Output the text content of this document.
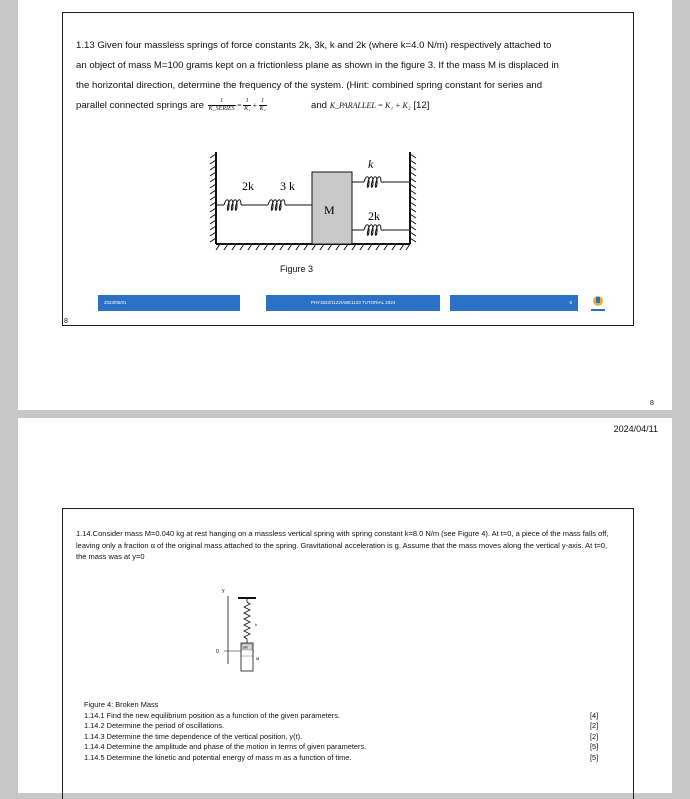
1.13 Given four massless springs of force constants 2k, 3k, k and 2k (where k=4.0 N/m) respectively attached to

an object of mass M=100 grams kept on a frictionless plane as shown in the figure 3. If the mass M is displaced in

the horizontal direction, determine the frequency of the system. (Hint: combined spring constant for series and

parallel connected springs are $\frac{1}{\text{K\_SERIES}} = \frac{1}{\text{K₁}} + \frac{1}{\text{K₂}}$	and K_PARALLEL = K₁ + K₂ [12]

2k 3 k
M
k
2k
Figure 3
2023/05/01	PHY1522/1122/ABE1133 TUTORIAL 2024	8
8
8
2024/04/11
1.14.Consider mass M=0.040 kg at rest hanging on a massless vertical spring with spring constant k=8.0 N/m (see Figure 4). At t=0, a piece of the mass falls off, leaving only a fraction α of the original mass attached to the spring. Gravitational acceleration is g. Assume that the mass moves along the vertical y-axis. At t=0, the mass was at y=0
y
0
k
αM
M
Figure 4: Broken Mass
1.14.1 Find the new equilibrium position as a function of the given parameters.	[4]
1.14.2 Determine the period of oscillations.	[2]
1.14.3 Determine the time dependence of the vertical position, y(t).	[2]
1.14.4 Determine the amplitude and phase of the motion in terms of given parameters.	[5]
1.14.5 Determine the kinetic and potential energy of mass m as a function of time.	[5]
